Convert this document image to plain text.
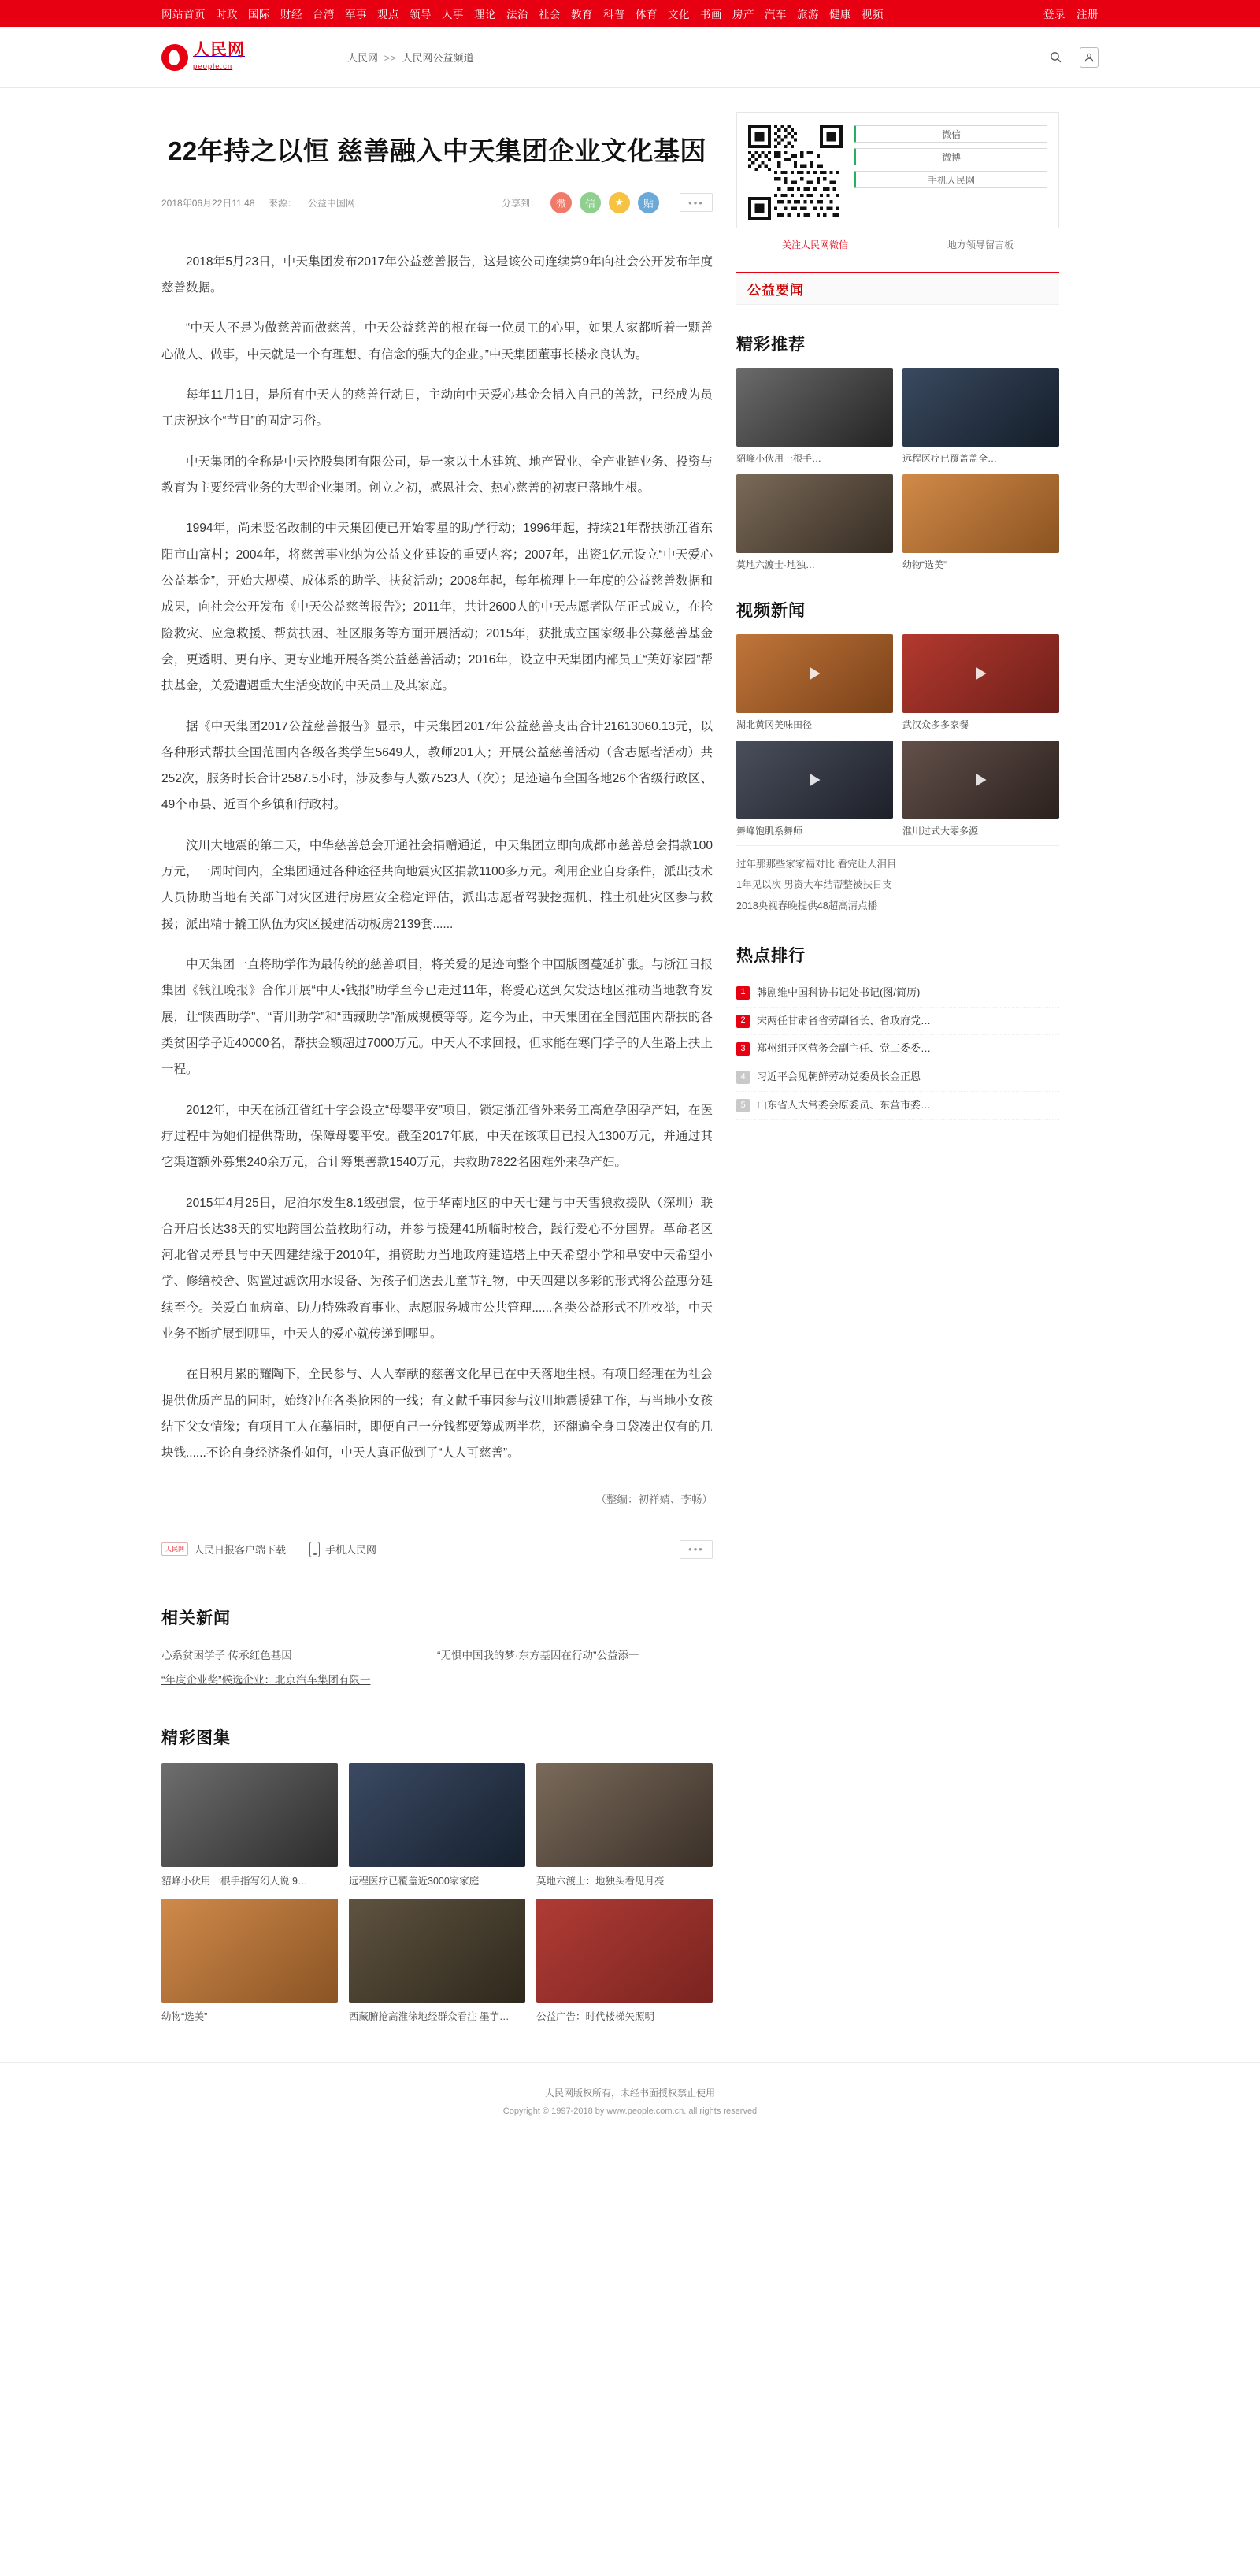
网站首页 时政 国际 财经 台湾 军事 观点 领导 人事 理论 法治 社会 教育 科普 体育 文化 书画 房产 汽车 旅游 健康 视频	登录 注册
人民网
people.cn
人民网 >> 人民网公益频道
22年持之以恒 慈善融入中天集团企业文化基因
2018年06月22日11:48 来源： 公益中国网	分享到：	微	信	★	贴	•••

2018年5月23日，中天集团发布2017年公益慈善报告，这是该公司连续第9年向社会公开发布年度慈善数据。

“中天人不是为做慈善而做慈善，中天公益慈善的根在每一位员工的心里，如果大家都听着一颗善心做人、做事，中天就是一个有理想、有信念的强大的企业。”中天集团董事长楼永良认为。

每年11月1日，是所有中天人的慈善行动日，主动向中天爱心基金会捐入自己的善款，已经成为员工庆祝这个“节日”的固定习俗。

中天集团的全称是中天控股集团有限公司，是一家以土木建筑、地产置业、全产业链业务、投资与教育为主要经营业务的大型企业集团。创立之初，感恩社会、热心慈善的初衷已落地生根。

1994年，尚未竖名改制的中天集团便已开始零星的助学行动；1996年起，持续21年帮扶浙江省东阳市山富村；2004年，将慈善事业纳为公益文化建设的重要内容；2007年，出资1亿元设立“中天爱心公益基金”，开始大规模、成体系的助学、扶贫活动；2008年起，每年梳理上一年度的公益慈善数据和成果，向社会公开发布《中天公益慈善报告》；2011年，共计2600人的中天志愿者队伍正式成立，在抢险救灾、应急救援、帮贫扶困、社区服务等方面开展活动；2015年，获批成立国家级非公募慈善基金会，更透明、更有序、更专业地开展各类公益慈善活动；2016年，设立中天集团内部员工“芙好家园”帮扶基金，关爱遭遇重大生活变故的中天员工及其家庭。

据《中天集团2017公益慈善报告》显示，中天集团2017年公益慈善支出合计21613060.13元，以各种形式帮扶全国范围内各级各类学生5649人，教师201人；开展公益慈善活动（含志愿者活动）共252次，服务时长合计2587.5小时，涉及参与人数7523人（次）；足迹遍布全国各地26个省级行政区、49个市县、近百个乡镇和行政村。

汶川大地震的第二天，中华慈善总会开通社会捐赠通道，中天集团立即向成都市慈善总会捐款100万元，一周时间内，全集团通过各种途径共向地震灾区捐款1100多万元。利用企业自身条件，派出技术人员协助当地有关部门对灾区进行房屋安全稳定评估，派出志愿者驾驶挖掘机、推土机赴灾区参与救援；派出精于撬工队伍为灾区援建活动板房2139套......

中天集团一直将助学作为最传统的慈善项目，将关爱的足迹向整个中国版图蔓延扩张。与浙江日报集团《钱江晚报》合作开展“中天•钱报”助学至今已走过11年，将爱心送到欠发达地区推动当地教育发展，让“陕西助学”、“青川助学”和“西藏助学”渐成规模等等。迄今为止，中天集团在全国范围内帮扶的各类贫困学子近40000名，帮扶金额超过7000万元。中天人不求回报，但求能在寒门学子的人生路上扶上一程。

2012年，中天在浙江省红十字会设立“母婴平安”项目，锁定浙江省外来务工高危孕困孕产妇，在医疗过程中为她们提供帮助，保障母婴平安。截至2017年底，中天在该项目已投入1300万元，并通过其它渠道额外募集240余万元，合计筹集善款1540万元，共救助7822名困难外来孕产妇。

2015年4月25日，尼泊尔发生8.1级强震，位于华南地区的中天七建与中天雪狼救援队（深圳）联合开启长达38天的实地跨国公益救助行动，并参与援建41所临时校舍，践行爱心不分国界。革命老区河北省灵寿县与中天四建结缘于2010年，捐资助力当地政府建造塔上中天希望小学和阜安中天希望小学、修缮校舍、购置过滤饮用水设备、为孩子们送去儿童节礼物，中天四建以多彩的形式将公益惠分延续至今。关爱白血病童、助力特殊教育事业、志愿服务城市公共管理......各类公益形式不胜枚举，中天业务不断扩展到哪里，中天人的爱心就传递到哪里。

在日积月累的耀陶下，全民参与、人人奉献的慈善文化早已在中天落地生根。有项目经理在为社会提供优质产品的同时，始终冲在各类抢困的一线；有文献千事因参与汶川地震援建工作，与当地小女孩结下父女情缘；有项目工人在摹捐时，即便自己一分钱都要筹成两半花，还翻遍全身口袋凑出仅有的几块钱......不论自身经济条件如何，中天人真正做到了“人人可慈善”。

（整编：初祥婧、李畅）
人民网 人民日报客户端下载	手机人民网	•••
相关新闻
心系贫困学子 传承红色基因	“无惧中国我的梦·东方基因在行动”公益添一
“年度企业奖”候选企业：北京汽车集团有限一
精彩图集
貂峰小伙用一根手指写幻人说 9…	远程医疗已覆盖近3000家家庭	莫地六渡士：地独头看见月亮
幼物“选美”	西藏腑抢高淮徐地经群众看注 墨芋…	公益广告：时代楼梯矢照明
微信
微博
手机人民网
关注人民网微信	地方领导留言板
公益要闻
精彩推荐
貂峰小伙用一根手…	远程医疗已覆盖盖全…
莫地六渡士·地独…	幼物“选美”
视频新闻
湖北黄冈美味田径	武汉众多多家餐
舞峰饱肌系舞师	淮川过式大零多源
过年那那些家家福对比 看完让人泪目
1年见以次 男资大车结帮整被扶日支
2018央视春晚提供48超高清点播
热点排行
1	韩剧维中国科协书记处书记(图/简历)
2	宋两任甘肃省省劳副省长、省政府党…
3	郑州组开区营务会副主任、党工委委…
4	习近平会见朝鲜劳动党委员长金正恩
5	山东省人大常委会原委员、东营市委…
人民网版权所有，未经书面授权禁止使用
Copyright © 1997-2018 by www.people.com.cn. all rights reserved
